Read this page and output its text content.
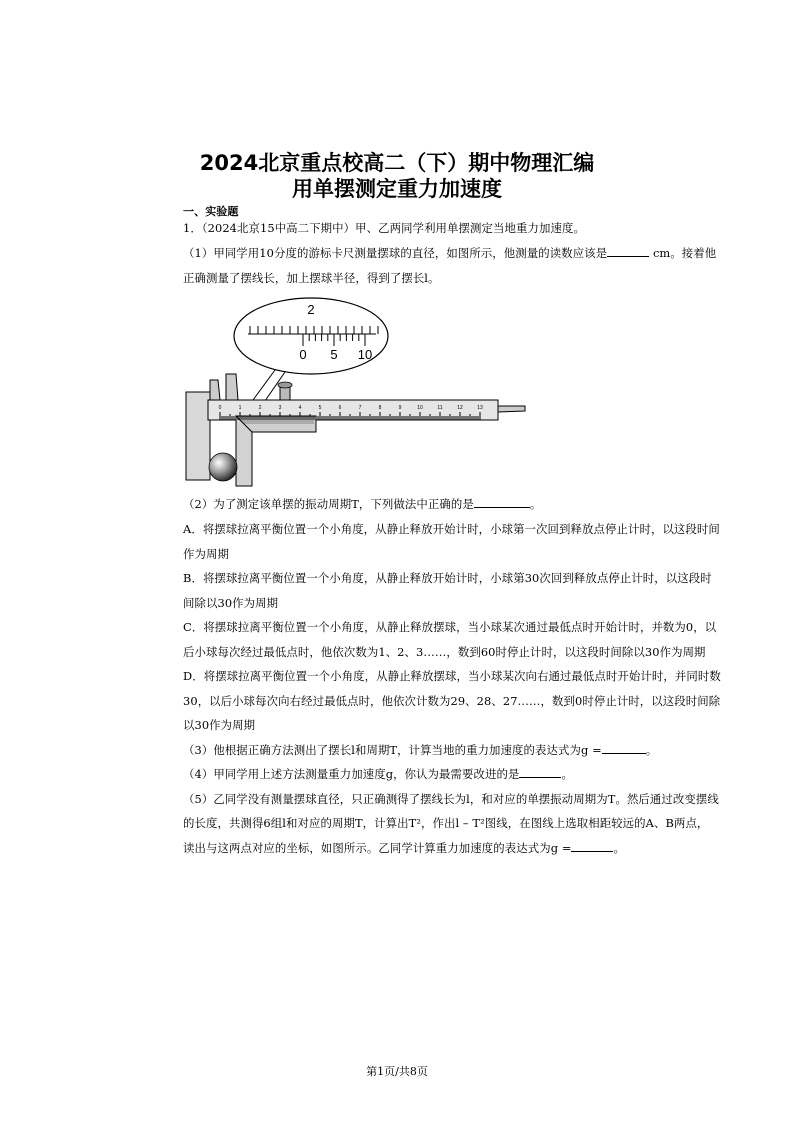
2024北京重点校高二（下）期中物理汇编
用单摆测定重力加速度
一、实验题
1．（2024北京15中高二下期中）甲、乙两同学利用单摆测定当地重力加速度。
（1）甲同学用10分度的游标卡尺测量摆球的直径，如图所示，他测量的读数应该是	cm。接着他
正确测量了摆线长，加上摆球半径，得到了摆长l。
2
0 5 10
0	1	2	3	4	5	6	7	8	9	10	11	12	13
（2）为了测定该单摆的振动周期T，下列做法中正确的是	。
A．将摆球拉离平衡位置一个小角度，从静止释放开始计时，小球第一次回到释放点停止计时，以这段时间
作为周期
B．将摆球拉离平衡位置一个小角度，从静止释放开始计时，小球第30次回到释放点停止计时，以这段时
间除以30作为周期
C．将摆球拉离平衡位置一个小角度，从静止释放摆球，当小球某次通过最低点时开始计时，并数为0，以
后小球每次经过最低点时，他依次数为1、2、3……，数到60时停止计时，以这段时间除以30作为周期
D．将摆球拉离平衡位置一个小角度，从静止释放摆球，当小球某次向右通过最低点时开始计时，并同时数
30，以后小球每次向右经过最低点时，他依次计数为29、28、27……，数到0时停止计时，以这段时间除
以30作为周期
（3）他根据正确方法测出了摆长l和周期T，计算当地的重力加速度的表达式为g =	。
（4）甲同学用上述方法测量重力加速度g，你认为最需要改进的是	。
（5）乙同学没有测量摆球直径，只正确测得了摆线长为l，和对应的单摆振动周期为T。然后通过改变摆线
的长度，共测得6组l和对应的周期T，计算出T²，作出l – T²图线，在图线上选取相距较远的A、B两点，
读出与这两点对应的坐标，如图所示。乙同学计算重力加速度的表达式为g =	。
第1页/共8页
